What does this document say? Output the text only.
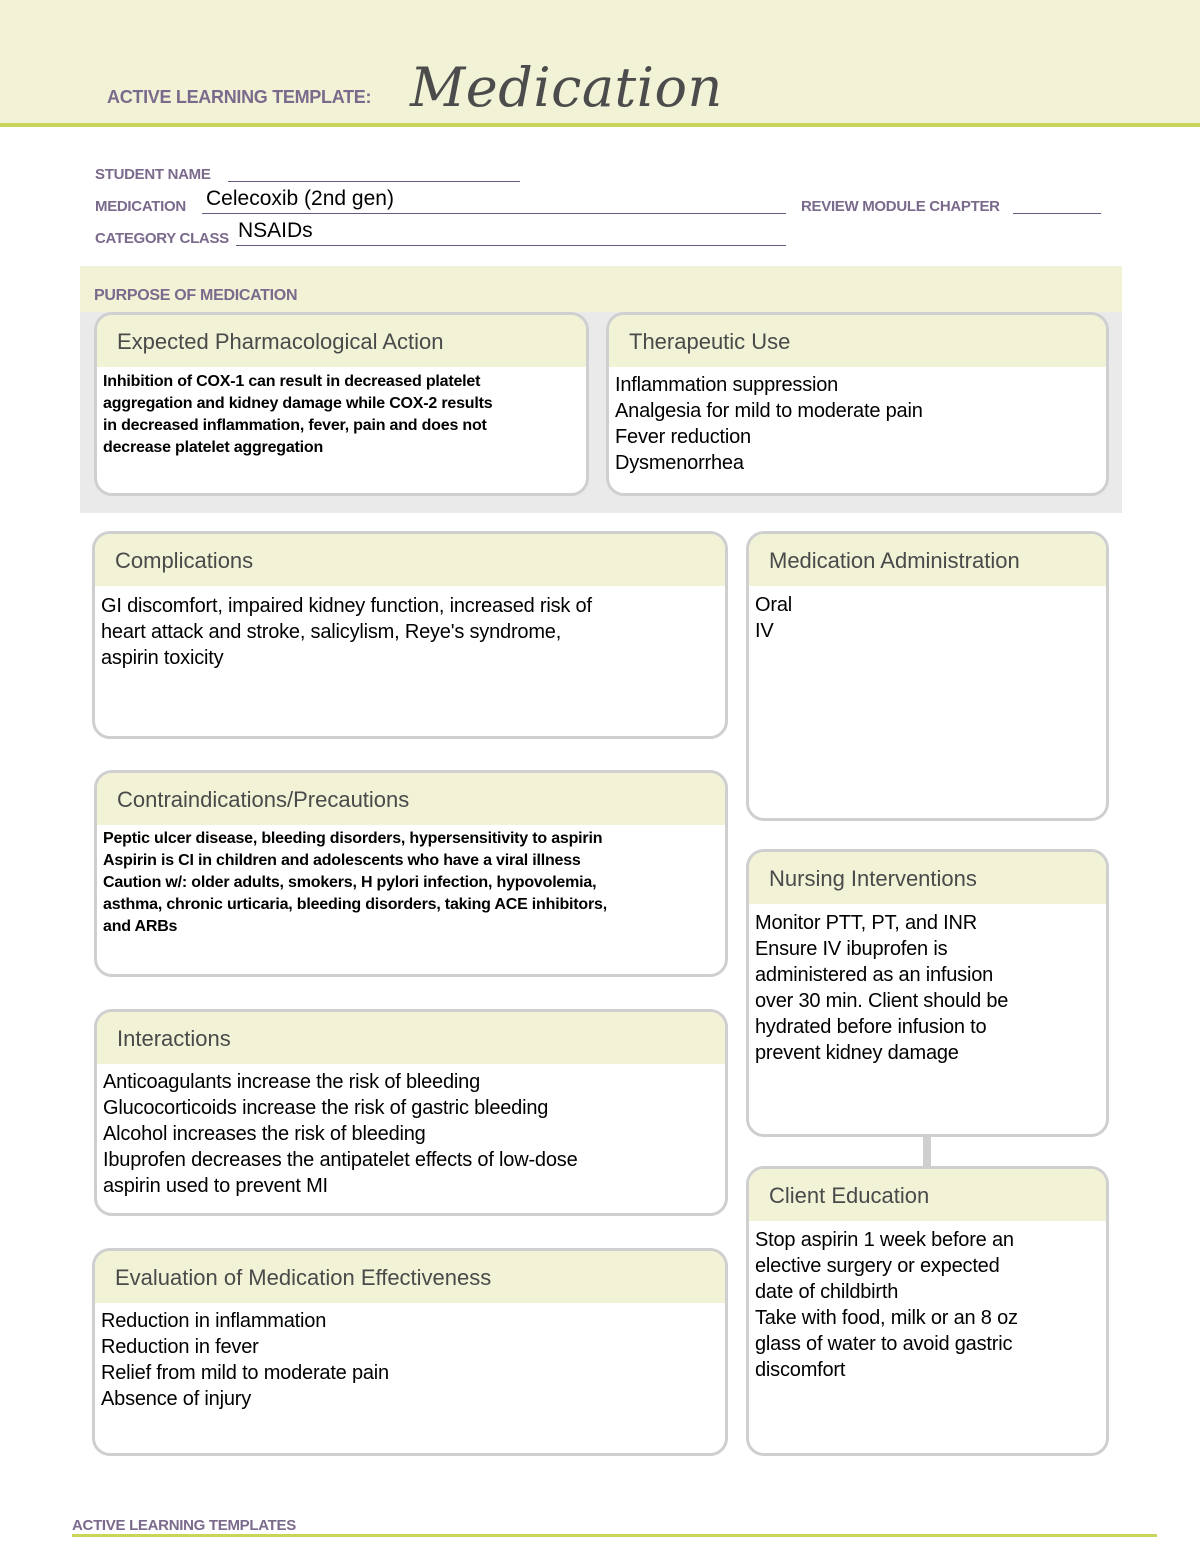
ACTIVE LEARNING TEMPLATE: Medication
STUDENT NAME
MEDICATION Celecoxib (2nd gen)	REVIEW MODULE CHAPTER
CATEGORY CLASS NSAIDs
PURPOSE OF MEDICATION
Expected Pharmacological Action
Inhibition of COX-1 can result in decreased platelet
aggregation and kidney damage while COX-2 results
in decreased inflammation, fever, pain and does not
decrease platelet aggregation
Therapeutic Use
Inflammation suppression
Analgesia for mild to moderate pain
Fever reduction
Dysmenorrhea
Complications
GI discomfort, impaired kidney function, increased risk of
heart attack and stroke, salicylism, Reye's syndrome,
aspirin toxicity
Medication Administration
Oral
IV
Contraindications/Precautions
Peptic ulcer disease, bleeding disorders, hypersensitivity to aspirin
Aspirin is CI in children and adolescents who have a viral illness
Caution w/: older adults, smokers, H pylori infection, hypovolemia,
asthma, chronic urticaria, bleeding disorders, taking ACE inhibitors,
and ARBs
Nursing Interventions
Monitor PTT, PT, and INR
Ensure IV ibuprofen is
administered as an infusion
over 30 min. Client should be
hydrated before infusion to
prevent kidney damage
Interactions
Anticoagulants increase the risk of bleeding
Glucocorticoids increase the risk of gastric bleeding
Alcohol increases the risk of bleeding
Ibuprofen decreases the antipatelet effects of low-dose
aspirin used to prevent MI	Client Education
Stop aspirin 1 week before an
elective surgery or expected
date of childbirth
Take with food, milk or an 8 oz
glass of water to avoid gastric
discomfort
Evaluation of Medication Effectiveness
Reduction in inflammation
Reduction in fever
Relief from mild to moderate pain
Absence of injury
ACTIVE LEARNING TEMPLATES
